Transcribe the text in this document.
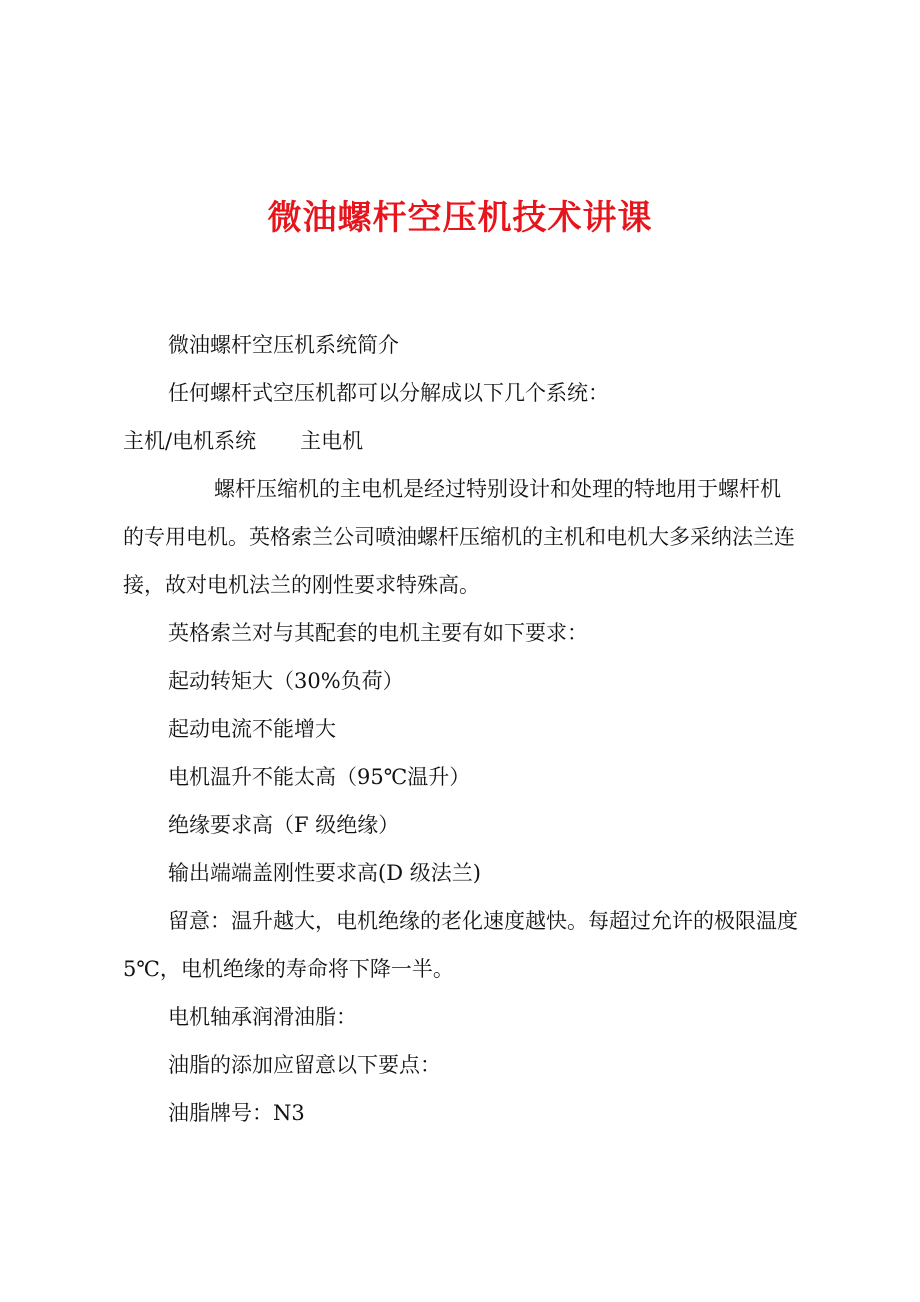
微油螺杆空压机技术讲课

微油螺杆空压机系统简介

任何螺杆式空压机都可以分解成以下几个系统：

主机/电机系统 主电机

螺杆压缩机的主电机是经过特别设计和处理的特地用于螺杆机

的专用电机。英格索兰公司喷油螺杆压缩机的主机和电机大多采纳法兰连

接，故对电机法兰的刚性要求特殊高。

英格索兰对与其配套的电机主要有如下要求：

起动转矩大（30%负荷）

起动电流不能增大

电机温升不能太高（95℃温升）

绝缘要求高（F 级绝缘）

输出端端盖刚性要求高(D 级法兰)

留意：温升越大，电机绝缘的老化速度越快。每超过允许的极限温度

5℃，电机绝缘的寿命将下降一半。

电机轴承润滑油脂：

油脂的添加应留意以下要点：

油脂牌号：N3
